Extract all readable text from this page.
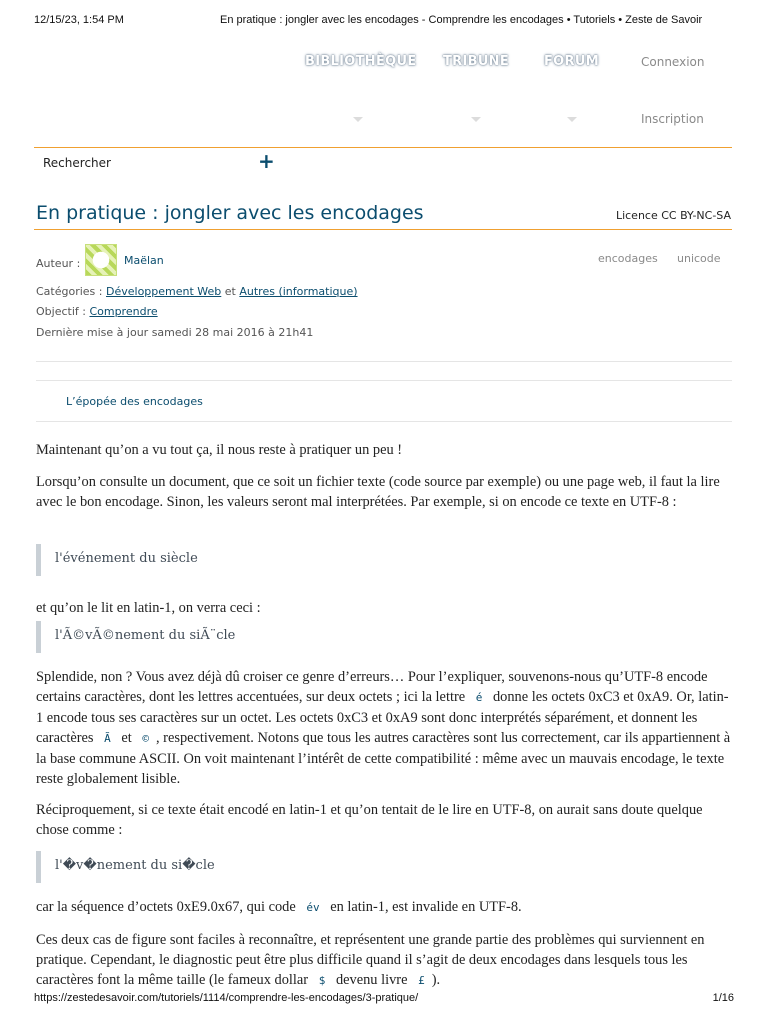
12/15/23, 1:54 PM	En pratique : jongler avec les encodages - Comprendre les encodages • Tutoriels • Zeste de Savoir
BIBLIOTHÈQUE TRIBUNE	FORUM	Connexion
Inscription
Rechercher	+
En pratique : jongler avec les encodages	Licence CC BY-NC-SA
Auteur :	Maëlan	encodages unicode
Catégories : Développement Web et Autres (informatique)
Objectif : Comprendre
Dernière mise à jour samedi 28 mai 2016 à 21h41
L’épopée des encodages

Maintenant qu’on a vu tout ça, il nous reste à pratiquer un peu !

Lorsqu’on consulte un document, que ce soit un fichier texte (code source par exemple) ou une page web, il faut la lire avec le bon encodage. Sinon, les valeurs seront mal interprétées. Par exemple, si on encode ce texte en UTF-8 :

l'événement du siècle

et qu’on le lit en latin-1, on verra ceci :

l'Ã©vÃ©nement du siÃ¨cle

Splendide, non ? Vous avez déjà dû croiser ce genre d’erreurs… Pour l’expliquer, souvenons-nous qu’UTF-8 encode certains caractères, dont les lettres accentuées, sur deux octets ; ici la lettre é donne les octets 0xC3 et 0xA9. Or, latin-1 encode tous ses caractères sur un octet. Les octets 0xC3 et 0xA9 sont donc interprétés séparément, et donnent les caractères Ã et © , respectivement. Notons que tous les autres caractères sont lus correctement, car ils appartiennent à la base commune ASCII. On voit maintenant l’intérêt de cette compatibilité : même avec un mauvais encodage, le texte reste globalement lisible.

Réciproquement, si ce texte était encodé en latin-1 et qu’on tentait de le lire en UTF-8, on aurait sans doute quelque chose comme :

l'�v�nement du si�cle

car la séquence d’octets 0xE9.0x67, qui code év en latin-1, est invalide en UTF-8.

Ces deux cas de figure sont faciles à reconnaître, et représentent une grande partie des problèmes qui surviennent en pratique. Cependant, le diagnostic peut être plus difficile quand il s’agit de deux encodages dans lesquels tous les caractères font la même taille (le fameux dollar $ devenu livre £ ).

https://zestedesavoir.com/tutoriels/1114/comprendre-les-encodages/3-pratique/	1/16
